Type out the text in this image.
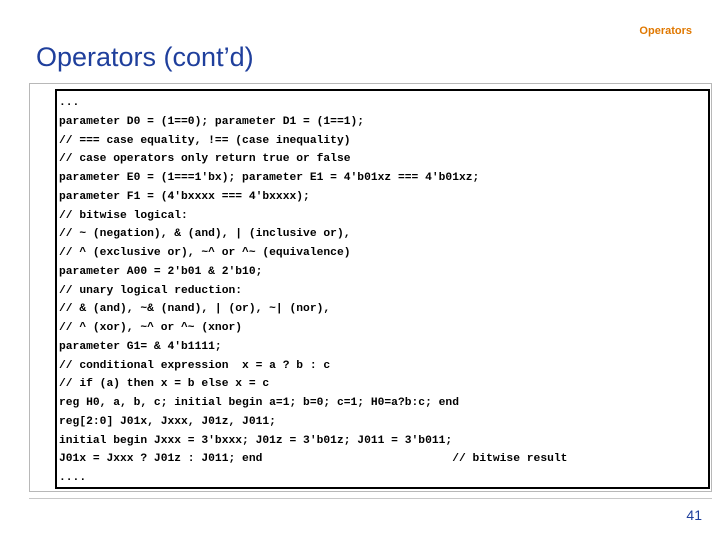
Operators
Operators (cont’d)
...
parameter D0 = (1==0); parameter D1 = (1==1);
// === case equality, !== (case inequality)
// case operators only return true or false
parameter E0 = (1===1'bx); parameter E1 = 4'b01xz === 4'b01xz;
parameter F1 = (4'bxxxx === 4'bxxxx);
// bitwise logical:
// ~ (negation), & (and), | (inclusive or),
// ^ (exclusive or), ~^ or ^~ (equivalence)
parameter A00 = 2'b01 & 2'b10;
// unary logical reduction:
// & (and), ~& (nand), | (or), ~| (nor),
// ^ (xor), ~^ or ^~ (xnor)
parameter G1= & 4'b1111;
// conditional expression  x = a ? b : c
// if (a) then x = b else x = c
reg H0, a, b, c; initial begin a=1; b=0; c=1; H0=a?b:c; end
reg[2:0] J01x, Jxxx, J01z, J011;
initial begin Jxxx = 3'bxxx; J01z = 3'b01z; J011 = 3'b011;
J01x = Jxxx ? J01z : J011; end                            // bitwise result
....
41
